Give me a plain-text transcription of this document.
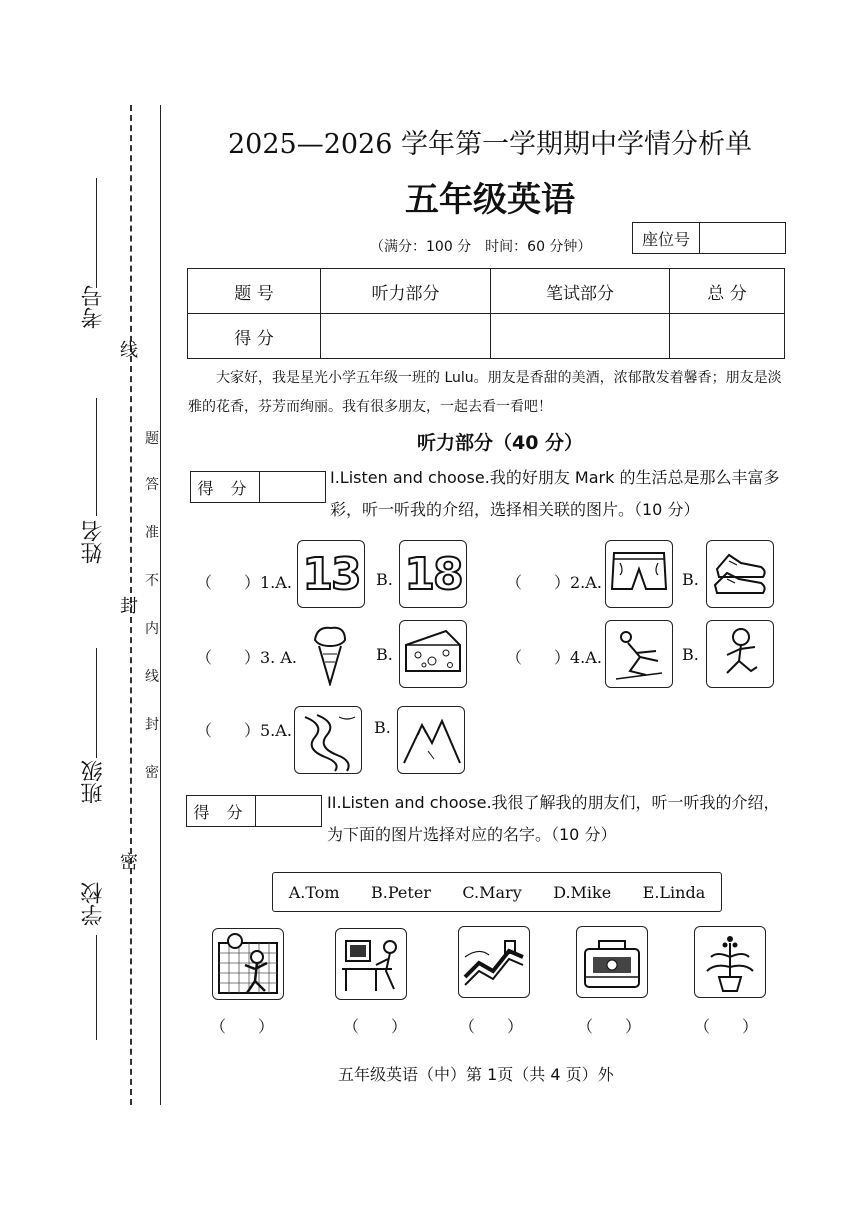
考号
姓名
班级
学校
线
封
密
题
答
准
不
内
线
封
密
2025—2026 学年第一学期期中学情分析单
五年级英语
（满分：100 分　时间：60 分钟）	座位号
题 号	听力部分	笔试部分	总 分
得 分			
大家好，我是星光小学五年级一班的 Lulu。朋友是香甜的美酒，浓郁散发着馨香；朋友是淡雅的花香，芬芳而绚丽。我有很多朋友，一起去看一看吧！
听力部分（40 分）
得 分
I.Listen and choose.我的好朋友 Mark 的生活总是那么丰富多
彩，听一听我的介绍，选择相关联的图片。（10 分）
（　　）1.A. 13 B. 18	（　　）2.A.	B.
（　　）3. A.	B.	（　　）4.A.	B.
（　　）5.A.	B.
得 分	II.Listen and choose.我很了解我的朋友们，听一听我的介绍，
为下面的图片选择对应的名字。（10 分）
A.Tom B.Peter C.Mary D.Mike E.Linda
（　　）	（　　）	（　　）	（　　）	（　　）
五年级英语（中）第 1页（共 4 页）外
